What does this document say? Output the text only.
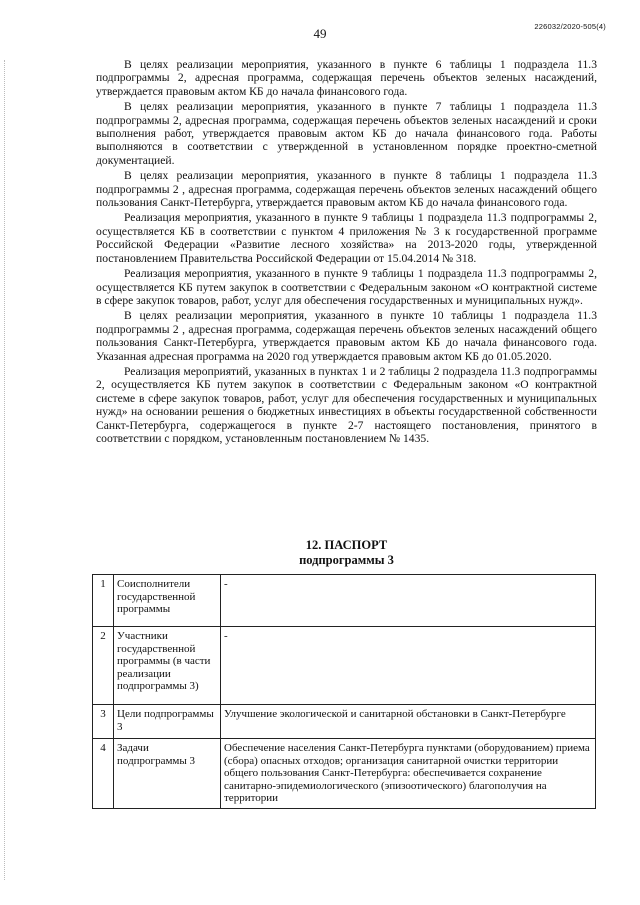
49	226032/2020-505(4)

В целях реализации мероприятия, указанного в пункте 6 таблицы 1 подраздела 11.3 подпрограммы 2, адресная программа, содержащая перечень объектов зеленых насаждений, утверждается правовым актом КБ до начала финансового года.

В целях реализации мероприятия, указанного в пункте 7 таблицы 1 подраздела 11.3 подпрограммы 2, адресная программа, содержащая перечень объектов зеленых насаждений и сроки выполнения работ, утверждается правовым актом КБ до начала финансового года. Работы выполняются в соответствии с утвержденной в установленном порядке проектно-сметной документацией.

В целях реализации мероприятия, указанного в пункте 8 таблицы 1 подраздела 11.3 подпрограммы 2 , адресная программа, содержащая перечень объектов зеленых насаждений общего пользования Санкт-Петербурга, утверждается правовым актом КБ до начала финансового года.

Реализация мероприятия, указанного в пункте 9 таблицы 1 подраздела 11.3 подпрограммы 2, осуществляется КБ в соответствии с пунктом 4 приложения № 3 к государственной программе Российской Федерации «Развитие лесного хозяйства» на 2013-2020 годы, утвержденной постановлением Правительства Российской Федерации от 15.04.2014 № 318.

Реализация мероприятия, указанного в пункте 9 таблицы 1 подраздела 11.3 подпрограммы 2, осуществляется КБ путем закупок в соответствии с Федеральным законом «О контрактной системе в сфере закупок товаров, работ, услуг для обеспечения государственных и муниципальных нужд».

В целях реализации мероприятия, указанного в пункте 10 таблицы 1 подраздела 11.3 подпрограммы 2 , адресная программа, содержащая перечень объектов зеленых насаждений общего пользования Санкт-Петербурга, утверждается правовым актом КБ до начала финансового года. Указанная адресная программа на 2020 год утверждается правовым актом КБ до 01.05.2020.

Реализация мероприятий, указанных в пунктах 1 и 2 таблицы 2 подраздела 11.3 подпрограммы 2, осуществляется КБ путем закупок в соответствии с Федеральным законом «О контрактной системе в сфере закупок товаров, работ, услуг для обеспечения государственных и муниципальных нужд» на основании решения о бюджетных инвестициях в объекты государственной собственности Санкт-Петербурга, содержащегося в пункте 2-7 настоящего постановления, принятого в соответствии с порядком, установленным постановлением № 1435.

12. ПАСПОРТ
подпрограммы 3
1	Соисполнители государственной программы	-
2	Участники государственной программы (в части реализации подпрограммы 3)	-
3	Цели подпрограммы 3	Улучшение экологической и санитарной обстановки в Санкт-Петербурге
4	Задачи подпрограммы 3	Обеспечение населения Санкт-Петербурга пунктами (оборудованием) приема (сбора) опасных отходов; организация санитарной очистки территории общего пользования Санкт-Петербурга: обеспечивается сохранение санитарно-эпидемиологического (эпизоотического) благополучия на территории
